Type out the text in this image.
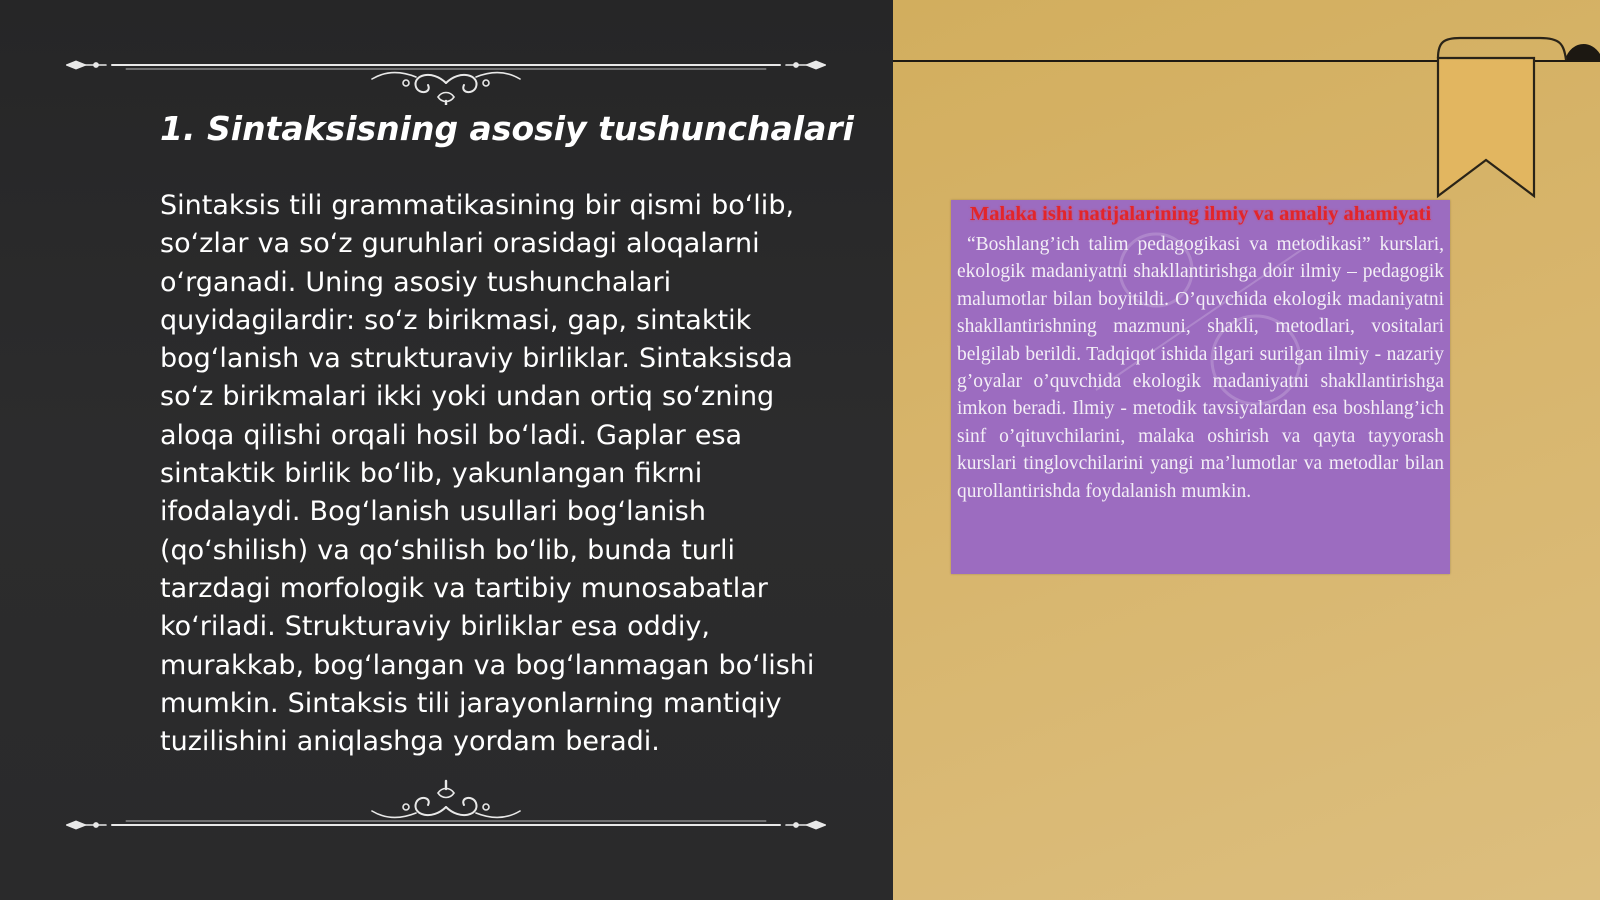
1. Sintaksisning asosiy tushunchalari

Sintaksis tili grammatikasining bir qismi boʻlib, soʻzlar va soʻz guruhlari orasidagi aloqalarni oʻrganadi. Uning asosiy tushunchalari quyidagilardir: soʻz birikmasi, gap, sintaktik bogʻlanish va strukturaviy birliklar. Sintaksisda soʻz birikmalari ikki yoki undan ortiq soʻzning aloqa qilishi orqali hosil boʻladi. Gaplar esa sintaktik birlik boʻlib, yakunlangan fikrni ifodalaydi. Bogʻlanish usullari bogʻlanish (qoʻshilish) va qoʻshilish boʻlib, bunda turli tarzdagi morfologik va tartibiy munosabatlar koʻriladi. Strukturaviy birliklar esa oddiy, murakkab, bogʻlangan va bogʻlanmagan boʻlishi mumkin. Sintaksis tili jarayonlarning mantiqiy tuzilishini aniqlashga yordam beradi.

Malaka ishi natijalarining ilmiy va amaliy ahamiyati

“Boshlang’ich talim pedagogikasi va metodikasi” kurslari, ekologik madaniyatni shakllantirishga doir ilmiy – pedagogik malumotlar bilan boyitildi. O’quvchida ekologik madaniyatni shakllantirishning mazmuni, shakli, metodlari, vositalari belgilab berildi. Tadqiqot ishida ilgari surilgan ilmiy - nazariy g’oyalar o’quvchida ekologik madaniyatni shakllantirishga imkon beradi. Ilmiy - metodik tavsiyalardan esa boshlang’ich sinf o’qituvchilarini, malaka oshirish va qayta tayyorash kurslari tinglovchilarini yangi ma’lumotlar va metodlar bilan qurollantirishda foydalanish mumkin.
